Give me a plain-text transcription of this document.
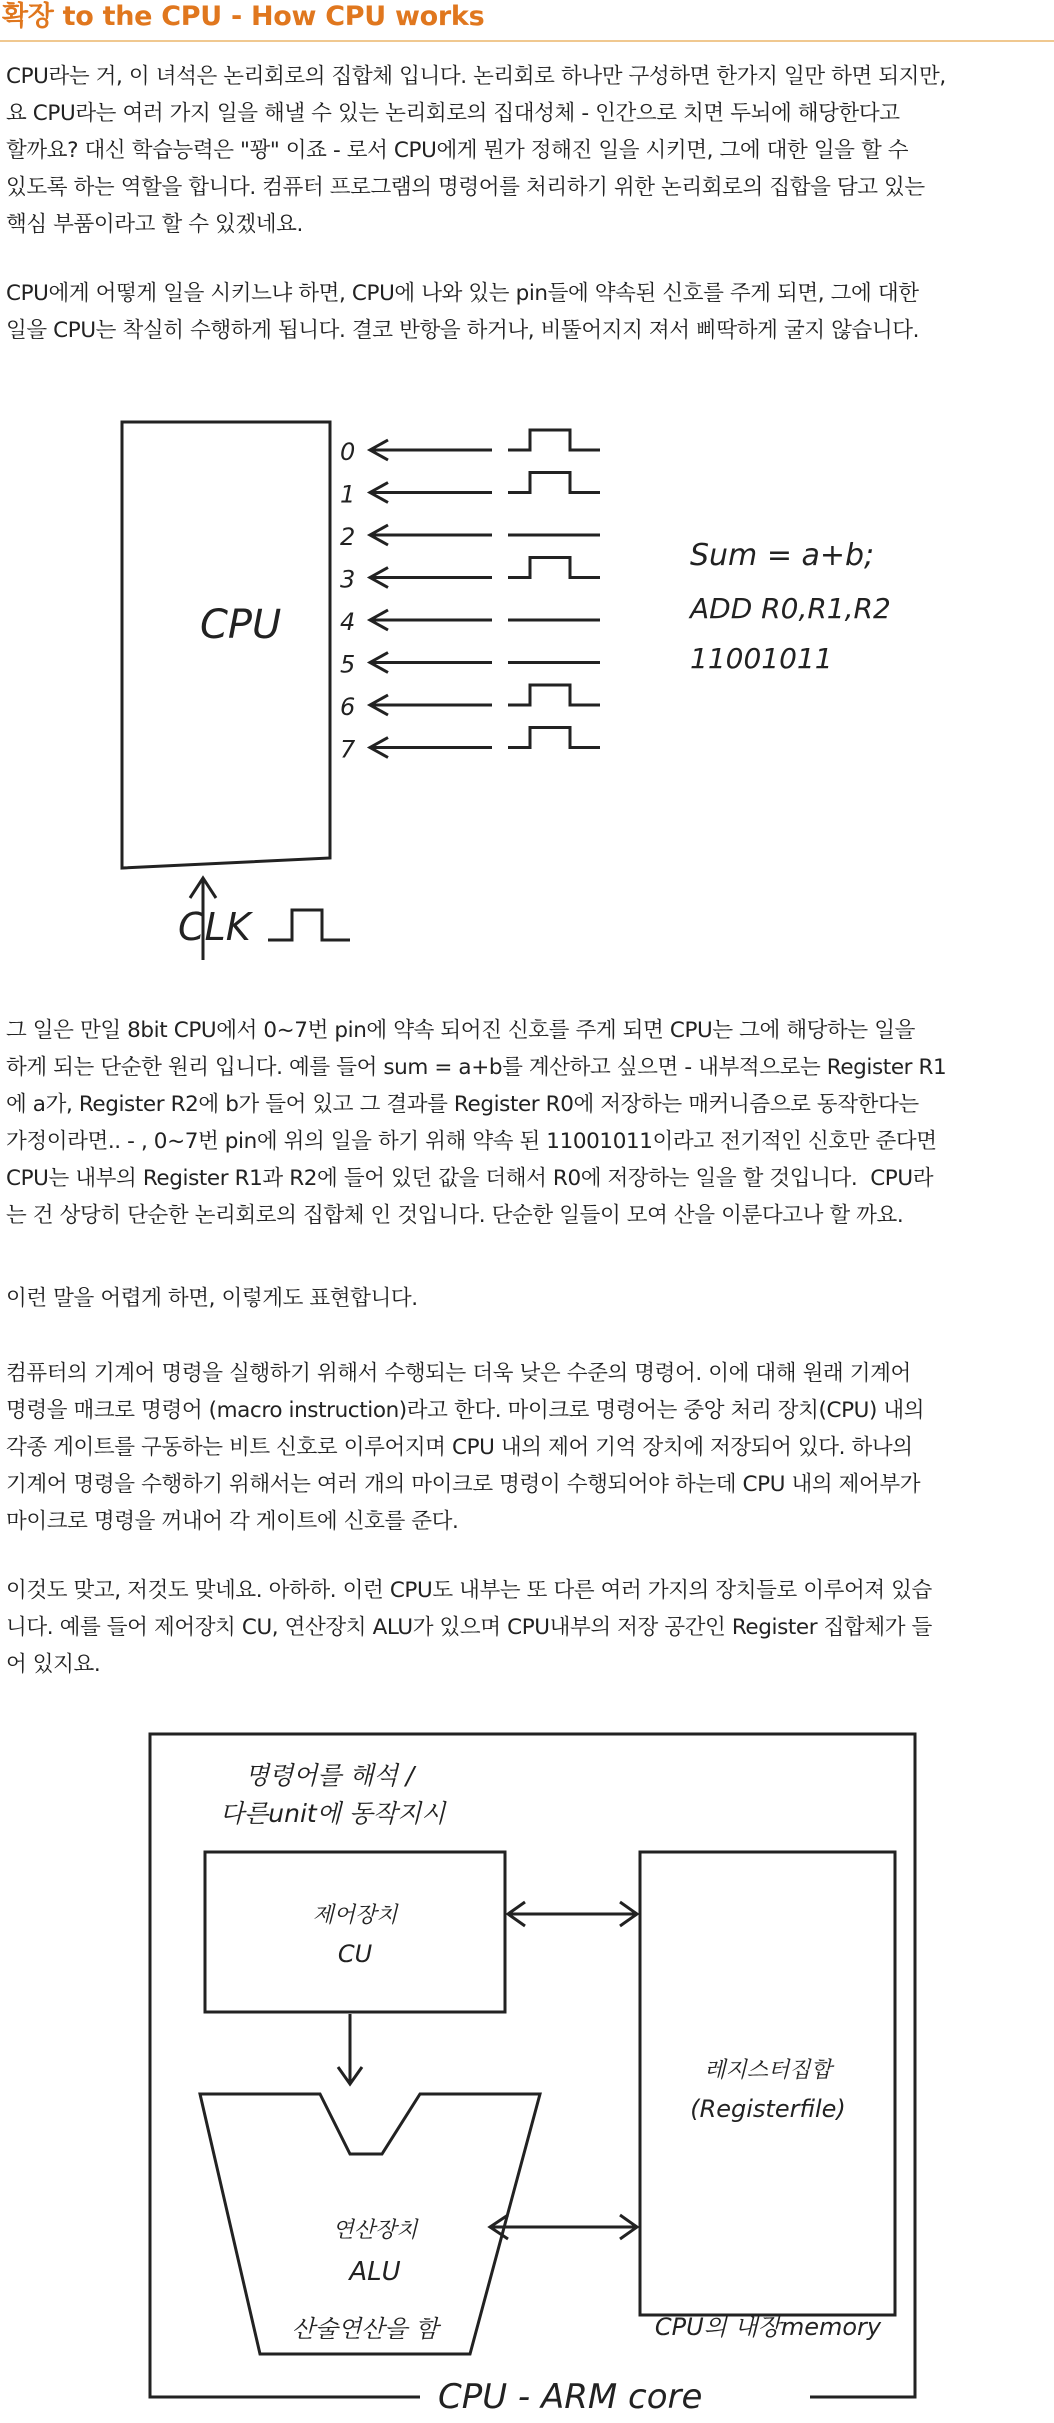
확장 to the CPU - How CPU works

CPU라는 거, 이 녀석은 논리회로의 집합체 입니다. 논리회로 하나만 구성하면 한가지 일만 하면 되지만,
요 CPU라는 여러 가지 일을 해낼 수 있는 논리회로의 집대성체 - 인간으로 치면 두뇌에 해당한다고
할까요? 대신 학습능력은 "꽝" 이죠 - 로서 CPU에게 뭔가 정해진 일을 시키면, 그에 대한 일을 할 수
있도록 하는 역할을 합니다. 컴퓨터 프로그램의 명령어를 처리하기 위한 논리회로의 집합을 담고 있는
핵심 부품이라고 할 수 있겠네요.

CPU에게 어떻게 일을 시키느냐 하면, CPU에 나와 있는 pin들에 약속된 신호를 주게 되면, 그에 대한
일을 CPU는 착실히 수행하게 됩니다. 결코 반항을 하거나, 비뚤어지지 져서 삐딱하게 굴지 않습니다.

CPU
0
1
2
3
4
5
6
7
CLK
Sum = a+b;
ADD R0,R1,R2
11001011

그 일은 만일 8bit CPU에서 0~7번 pin에 약속 되어진 신호를 주게 되면 CPU는 그에 해당하는 일을
하게 되는 단순한 원리 입니다. 예를 들어 sum = a+b를 계산하고 싶으면 - 내부적으로는 Register R1
에 a가, Register R2에 b가 들어 있고 그 결과를 Register R0에 저장하는 매커니즘으로 동작한다는
가정이라면.. - , 0~7번 pin에 위의 일을 하기 위해 약속 된 11001011이라고 전기적인 신호만 준다면
CPU는 내부의 Register R1과 R2에 들어 있던 값을 더해서 R0에 저장하는 일을 할 것입니다.  CPU라
는 건 상당히 단순한 논리회로의 집합체 인 것입니다. 단순한 일들이 모여 산을 이룬다고나 할 까요.

이런 말을 어렵게 하면, 이렇게도 표현합니다.

컴퓨터의 기계어 명령을 실행하기 위해서 수행되는 더욱 낮은 수준의 명령어. 이에 대해 원래 기계어
명령을 매크로 명령어 (macro instruction)라고 한다. 마이크로 명령어는 중앙 처리 장치(CPU) 내의
각종 게이트를 구동하는 비트 신호로 이루어지며 CPU 내의 제어 기억 장치에 저장되어 있다. 하나의
기계어 명령을 수행하기 위해서는 여러 개의 마이크로 명령이 수행되어야 하는데 CPU 내의 제어부가
마이크로 명령을 꺼내어 각 게이트에 신호를 준다.

이것도 맞고, 저것도 맞네요. 아하하. 이런 CPU도 내부는 또 다른 여러 가지의 장치들로 이루어져 있습
니다. 예를 들어 제어장치 CU, 연산장치 ALU가 있으며 CPU내부의 저장 공간인 Register 집합체가 들
어 있지요.

CPU - ARM core
명령어를 해석 /
다른unit에 동작지시
제어장치
CU
연산장치
ALU
산술연산을 함
레지스터집합
(Registerfile)
CPU의 내장memory
